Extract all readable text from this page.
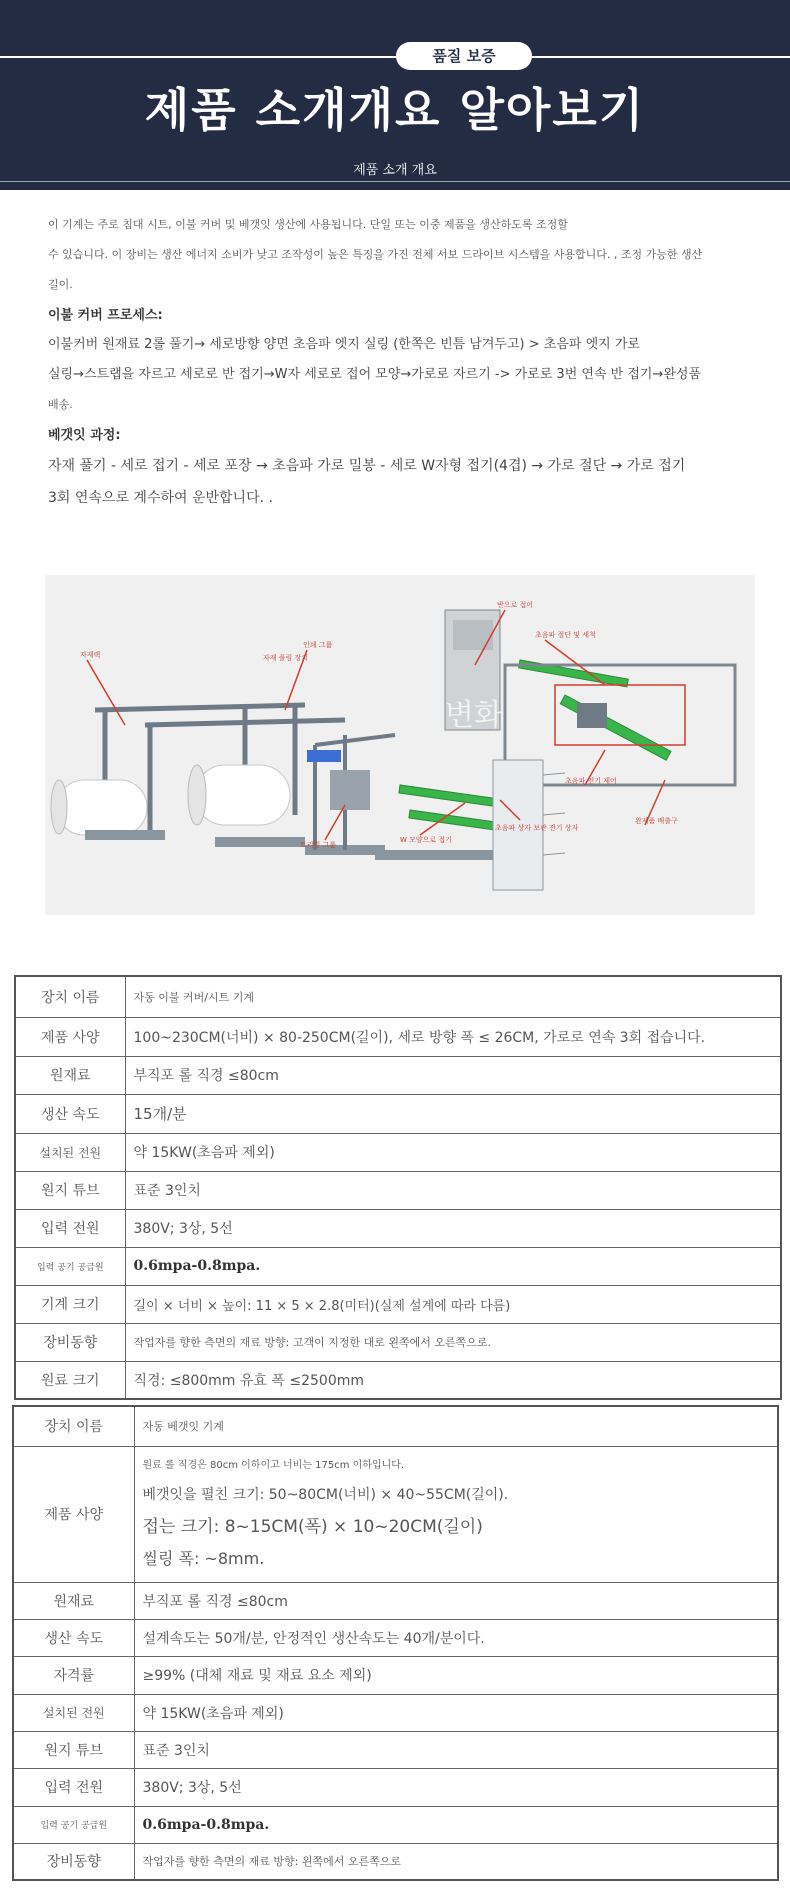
품질 보증
제품 소개개요 알아보기
제품 소개 개요
이 기계는 주로 침대 시트, 이불 커버 및 베갯잇 생산에 사용됩니다. 단일 또는 이중 제품을 생산하도록 조정할
수 있습니다. 이 장비는 생산 에너지 소비가 낮고 조작성이 높은 특징을 가진 전체 서보 드라이브 시스템을 사용합니다. , 조정 가능한 생산
길이.
이불 커버 프로세스:
이불커버 원재료 2롤 풀기→ 세로방향 양면 초음파 엣지 실링 (한쪽은 빈틈 남겨두고) > 초음파 엣지 가로
실링→스트랩을 자르고 세로로 반 접기→W자 세로로 접어 모양→가로로 자르기 -> 가로로 3번 연속 반 접기→완성품
배송.
베갯잇 과정:
자재 풀기 - 세로 접기 - 세로 포장 → 초음파 가로 밀봉 - 세로 W자형 접기(4겹) → 가로 절단 → 가로 접기
3회 연속으로 계수하여 운반합니다. .
자재랙	자재 풀림 장치
인쇄 그룹
반으로 접어
초음파 절단 및 세척
트리밍 그룹
W 모양으로 접기
초음파 상자 보관 전기 상자
완제품 배출구
초음파 전기 제어
변화
장치 이름	자동 이불 커버/시트 기계
제품 사양	100~230CM(너비) × 80-250CM(길이), 세로 방향 폭 ≤ 26CM, 가로로 연속 3회 접습니다.
원재료	부직포 롤 직경 ≤80cm
생산 속도	15개/분
설치된 전원	약 15KW(초음파 제외)
원지 튜브	표준 3인치
입력 전원	380V; 3상, 5선
입력 공기 공급원	0.6mpa-0.8mpa.
기계 크기	길이 × 너비 × 높이: 11 × 5 × 2.8(미터)(실제 설계에 따라 다름)
장비동향	작업자를 향한 측면의 재료 방향: 고객이 지정한 대로 왼쪽에서 오른쪽으로.
원료 크기	직경: ≤800mm 유효 폭 ≤2500mm
장치 이름	자동 베갯잇 기계
제품 사양	원료 롤 직경은 80cm 이하이고 너비는 175cm 이하입니다.
베갯잇을 펼친 크기: 50~80CM(너비) × 40~55CM(길이).
접는 크기: 8~15CM(폭) × 10~20CM(길이)
씰링 폭: ~8mm.

원재료	부직포 롤 직경 ≤80cm
생산 속도	설계속도는 50개/분, 안정적인 생산속도는 40개/분이다.
자격률	≥99% (대체 재료 및 재료 요소 제외)
설치된 전원	약 15KW(초음파 제외)
원지 튜브	표준 3인치
입력 전원	380V; 3상, 5선
입력 공기 공급원	0.6mpa-0.8mpa.
장비동향	작업자를 향한 측면의 재료 방향: 왼쪽에서 오른쪽으로
